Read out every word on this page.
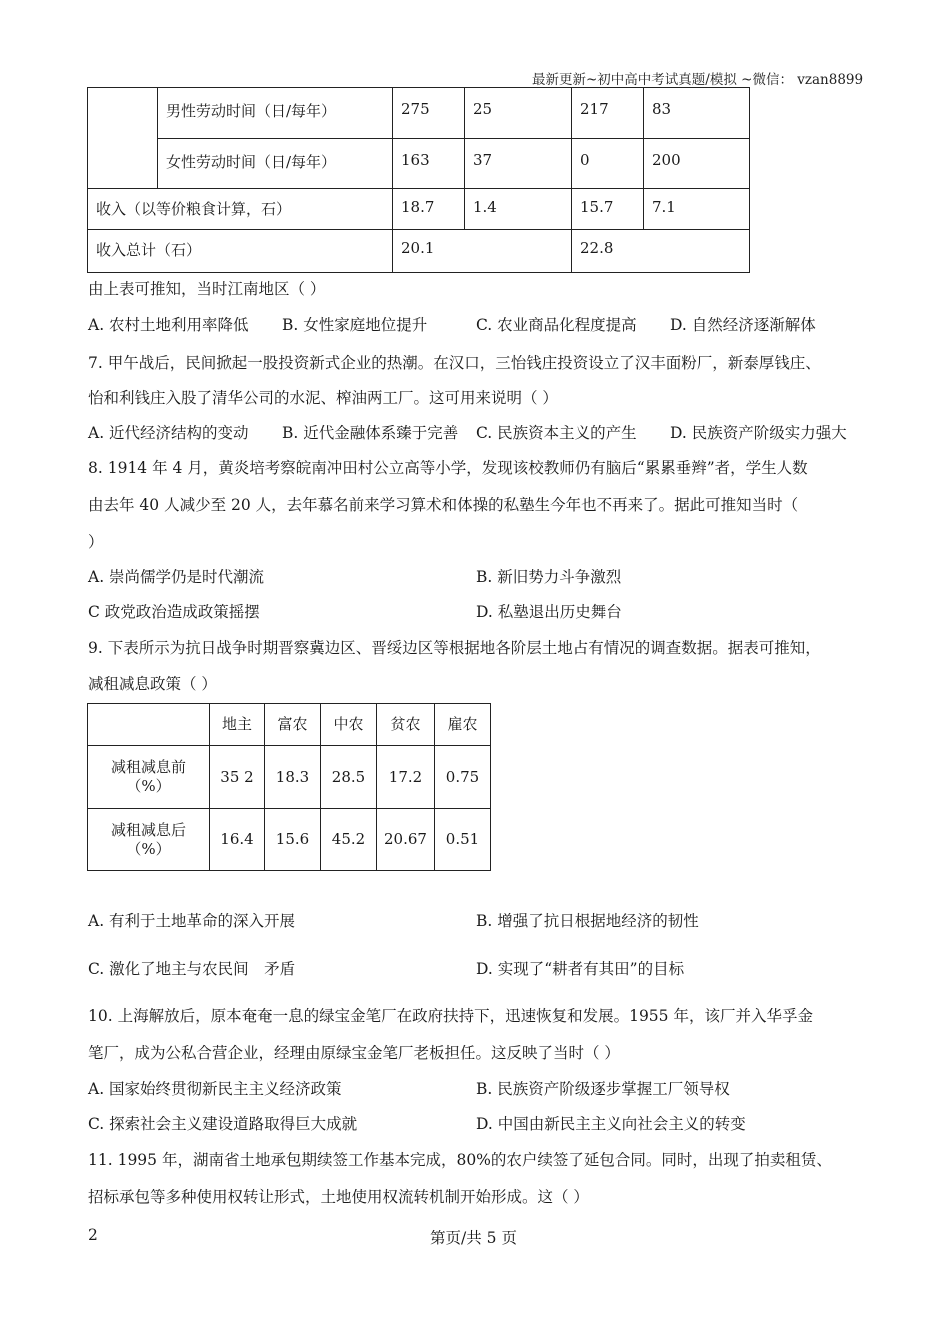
最新更新~初中高中考试真题/模拟 ~微信： vzan8899
	男性劳动时间（日/每年）	275	25	217	83
	女性劳动时间（日/每年）	163	37	0	200
收入（以等价粮食计算，石）		18.7	1.4	15.7	7.1
收入总计（石）		20.1		22.8	
由上表可推知，当时江南地区（ ）
A. 农村土地利用率降低 B. 女性家庭地位提升	C. 农业商品化程度提高 D. 自然经济逐渐解体
7. 甲午战后，民间掀起一股投资新式企业的热潮。在汉口，三怡钱庄投资设立了汉丰面粉厂，新泰厚钱庄、
怡和利钱庄入股了清华公司的水泥、榨油两工厂。这可用来说明（ ）
A. 近代经济结构的变动 B. 近代金融体系臻于完善 C. 民族资本主义的产生 D. 民族资产阶级实力强大
8. 1914 年 4 月，黄炎培考察皖南冲田村公立高等小学，发现该校教师仍有脑后“累累垂辫”者，学生人数
由去年 40 人减少至 20 人，去年慕名前来学习算术和体操的私塾生今年也不再来了。据此可推知当时（
）
A. 崇尚儒学仍是时代潮流	B. 新旧势力斗争激烈
C 政党政治造成政策摇摆	D. 私塾退出历史舞台
9. 下表所示为抗日战争时期晋察冀边区、晋绥边区等根据地各阶层土地占有情况的调查数据。据表可推知，
减租减息政策（ ）
	地主	富农	中农	贫农	雇农

减租减息前
（%）	35 2	18.3	28.5	17.2	0.75

减租减息后
（%）	16.4	15.6	45.2	20.67	0.51
A. 有利于土地革命的深入开展	B. 增强了抗日根据地经济的韧性
C. 激化了地主与农民间　矛盾	D. 实现了“耕者有其田”的目标
10. 上海解放后，原本奄奄一息的绿宝金笔厂在政府扶持下，迅速恢复和发展。1955 年，该厂并入华孚金
笔厂，成为公私合营企业，经理由原绿宝金笔厂老板担任。这反映了当时（ ）
A. 国家始终贯彻新民主主义经济政策	B. 民族资产阶级逐步掌握工厂领导权
C. 探索社会主义建设道路取得巨大成就	D. 中国由新民主主义向社会主义的转变
11. 1995 年，湖南省土地承包期续签工作基本完成，80%的农户续签了延包合同。同时，出现了拍卖租赁、
招标承包等多种使用权转让形式，土地使用权流转机制开始形成。这（ ）
2	第页/共 5 页
